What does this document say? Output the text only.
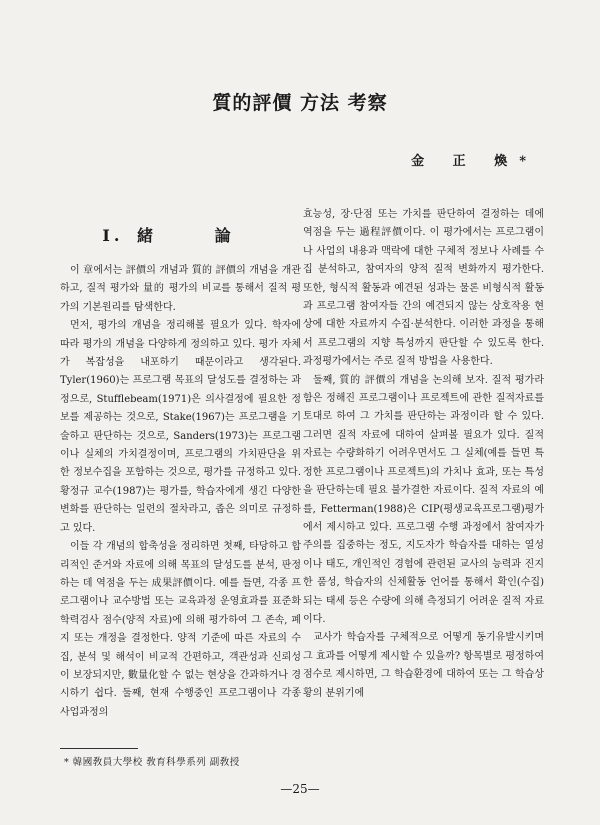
質的評價 方法 考察
金 正 煥*
Ⅰ. 緒 論

이 章에서는 評價의 개념과 質的 評價의 개념을 개관하고, 질적 평가와 量的 평가의 비교를 통해서 질적 평가의 기본원리를 탐색한다.

먼저, 평가의 개념을 정리해볼 필요가 있다. 학자에 따라 평가의 개념을 다양하게 정의하고 있다. 평가 자체가 복잡성을 내포하기 때문이라고 생각된다. Tyler(1960)는 프로그램 목표의 달성도를 결정하는 과정으로, Stufflebeam(1971)은 의사결정에 필요한 정보를 제공하는 것으로, Stake(1967)는 프로그램을 기술하고 판단하는 것으로, Sanders(1973)는 프로그램이나 실체의 가치결정이며, 프로그램의 가치판단을 위한 정보수집을 포함하는 것으로, 평가를 규정하고 있다. 황정규 교수(1987)는 평가를, 학습자에게 생긴 다양한 변화를 판단하는 일련의 절차라고, 좁은 의미로 규정하고 있다.

이들 각 개념의 합축성을 정리하면 첫째, 타당하고 합리적인 준거와 자료에 의해 목표의 달성도를 분석, 판정하는 데 역점을 두는 成果評價이다. 예를 들면, 각종 프로그램이나 교수방법 또는 교육과정 운영효과를 표준화 학력검사 점수(양적 자료)에 의해 평가하여 그 존속, 폐지 또는 개정을 결정한다. 양적 기준에 따른 자료의 수집, 분석 및 해석이 비교적 간편하고, 객관성과 신뢰성이 보장되지만, 數量化할 수 없는 현상을 간과하거나 경시하기 쉽다. 둘째, 현재 수행중인 프로그램이나 각종 사업과정의

효능성, 장·단점 또는 가치를 판단하여 결정하는 데에 역점을 두는 過程評價이다. 이 평가에서는 프로그램이나 사업의 내용과 맥락에 대한 구체적 정보나 사례를 수집 분석하고, 참여자의 양적 질적 변화까지 평가한다. 또한, 형식적 활동과 예견된 성과는 물론 비형식적 활동과 프로그램 참여자들 간의 예견되지 않는 상호작용 현상에 대한 자료까지 수집·분석한다. 이러한 과정을 통해서 프로그램의 지향 특성까지 판단할 수 있도록 한다. 과정평가에서는 주로 질적 방법을 사용한다.

둘째, 質的 評價의 개념을 논의해 보자. 질적 평가라 함은 정해진 프로그램이나 프로젝트에 관한 질적자료를 토대로 하여 그 가치를 판단하는 과정이라 할 수 있다. 그러면 질적 자료에 대하여 살펴볼 필요가 있다. 질적 자료는 수량화하기 어려우면서도 그 실체(예를 들면 특정한 프로그램이나 프로젝트)의 가치나 효과, 또는 특성을 판단하는데 필요 불가결한 자료이다. 질적 자료의 예를, Fetterman(1988)은 CIP(평생교육프로그램)평가에서 제시하고 있다. 프로그램 수행 과정에서 참여자가 주의를 집중하는 정도, 지도자가 학습자를 대하는 열성이나 태도, 개인적인 경험에 관련된 교사의 능력과 진지한 품성, 학습자의 신체활동 언어를 통해서 확인(수집)되는 태세 등은 수량에 의해 측정되기 어려운 질적 자료이다.

교사가 학습자를 구체적으로 어떻게 동기유발시키며 그 효과를 어떻게 제시할 수 있을까? 항목별로 평정하여 점수로 제시하면, 그 학습환경에 대하여 또는 그 학습상황의 분위기에

* 韓國敎員大學校 敎育科學系列 副敎授
—25—
